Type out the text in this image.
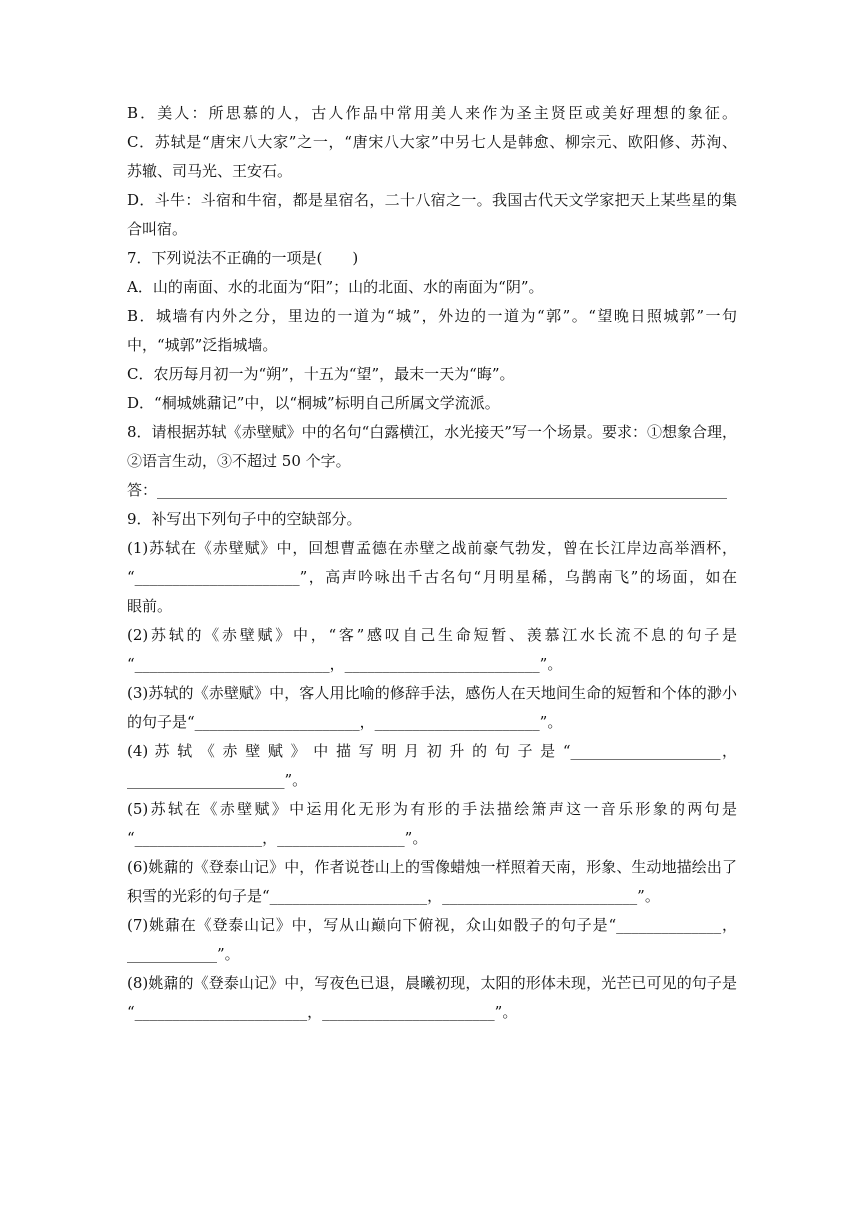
B．美人：所思慕的人，古人作品中常用美人来作为圣主贤臣或美好理想的象征。
C．苏轼是“唐宋八大家”之一，“唐宋八大家”中另七人是韩愈、柳宗元、欧阳修、苏洵、
苏辙、司马光、王安石。
D．斗牛：斗宿和牛宿，都是星宿名，二十八宿之一。我国古代天文学家把天上某些星的集
合叫宿。
7．下列说法不正确的一项是(　　)
A．山的南面、水的北面为“阳”；山的北面、水的南面为“阴”。
B．城墙有内外之分，里边的一道为“城”，外边的一道为“郭”。“望晚日照城郭”一句
中，“城郭”泛指城墙。
C．农历每月初一为“朔”，十五为“望”，最末一天为“晦”。
D．“桐城姚鼐记”中，以“桐城”标明自己所属文学流派。
8．请根据苏轼《赤壁赋》中的名句“白露横江，水光接天”写一个场景。要求：①想象合理，
②语言生动，③不超过 50 个字。
答：____________________________________________________________________________
9．补写出下列句子中的空缺部分。
(1)苏轼在《赤壁赋》中，回想曹孟德在赤壁之战前豪气勃发，曾在长江岸边高举酒杯，
“______________________”，高声吟咏出千古名句“月明星稀，乌鹊南飞”的场面，如在
眼前。
(2)苏轼的《赤壁赋》中，“客”感叹自己生命短暂、羡慕江水长流不息的句子是
“__________________________，__________________________”。
(3)苏轼的《赤壁赋》中，客人用比喻的修辞手法，感伤人在天地间生命的短暂和个体的渺小
的句子是“______________________，______________________”。
(4) 苏 轼 《 赤 壁 赋 》 中 描 写 明 月 初 升 的 句 子 是 “____________________，
_____________________”。
(5)苏轼在《赤壁赋》中运用化无形为有形的手法描绘箫声这一音乐形象的两句是
“_________________，_________________”。
(6)姚鼐的《登泰山记》中，作者说苍山上的雪像蜡烛一样照着天南，形象、生动地描绘出了
积雪的光彩的句子是“_____________________，__________________________”。
(7)姚鼐在《登泰山记》中，写从山巅向下俯视，众山如骰子的句子是“______________，
____________”。
(8)姚鼐的《登泰山记》中，写夜色已退，晨曦初现，太阳的形体未现，光芒已可见的句子是
“_______________________，_______________________”。
